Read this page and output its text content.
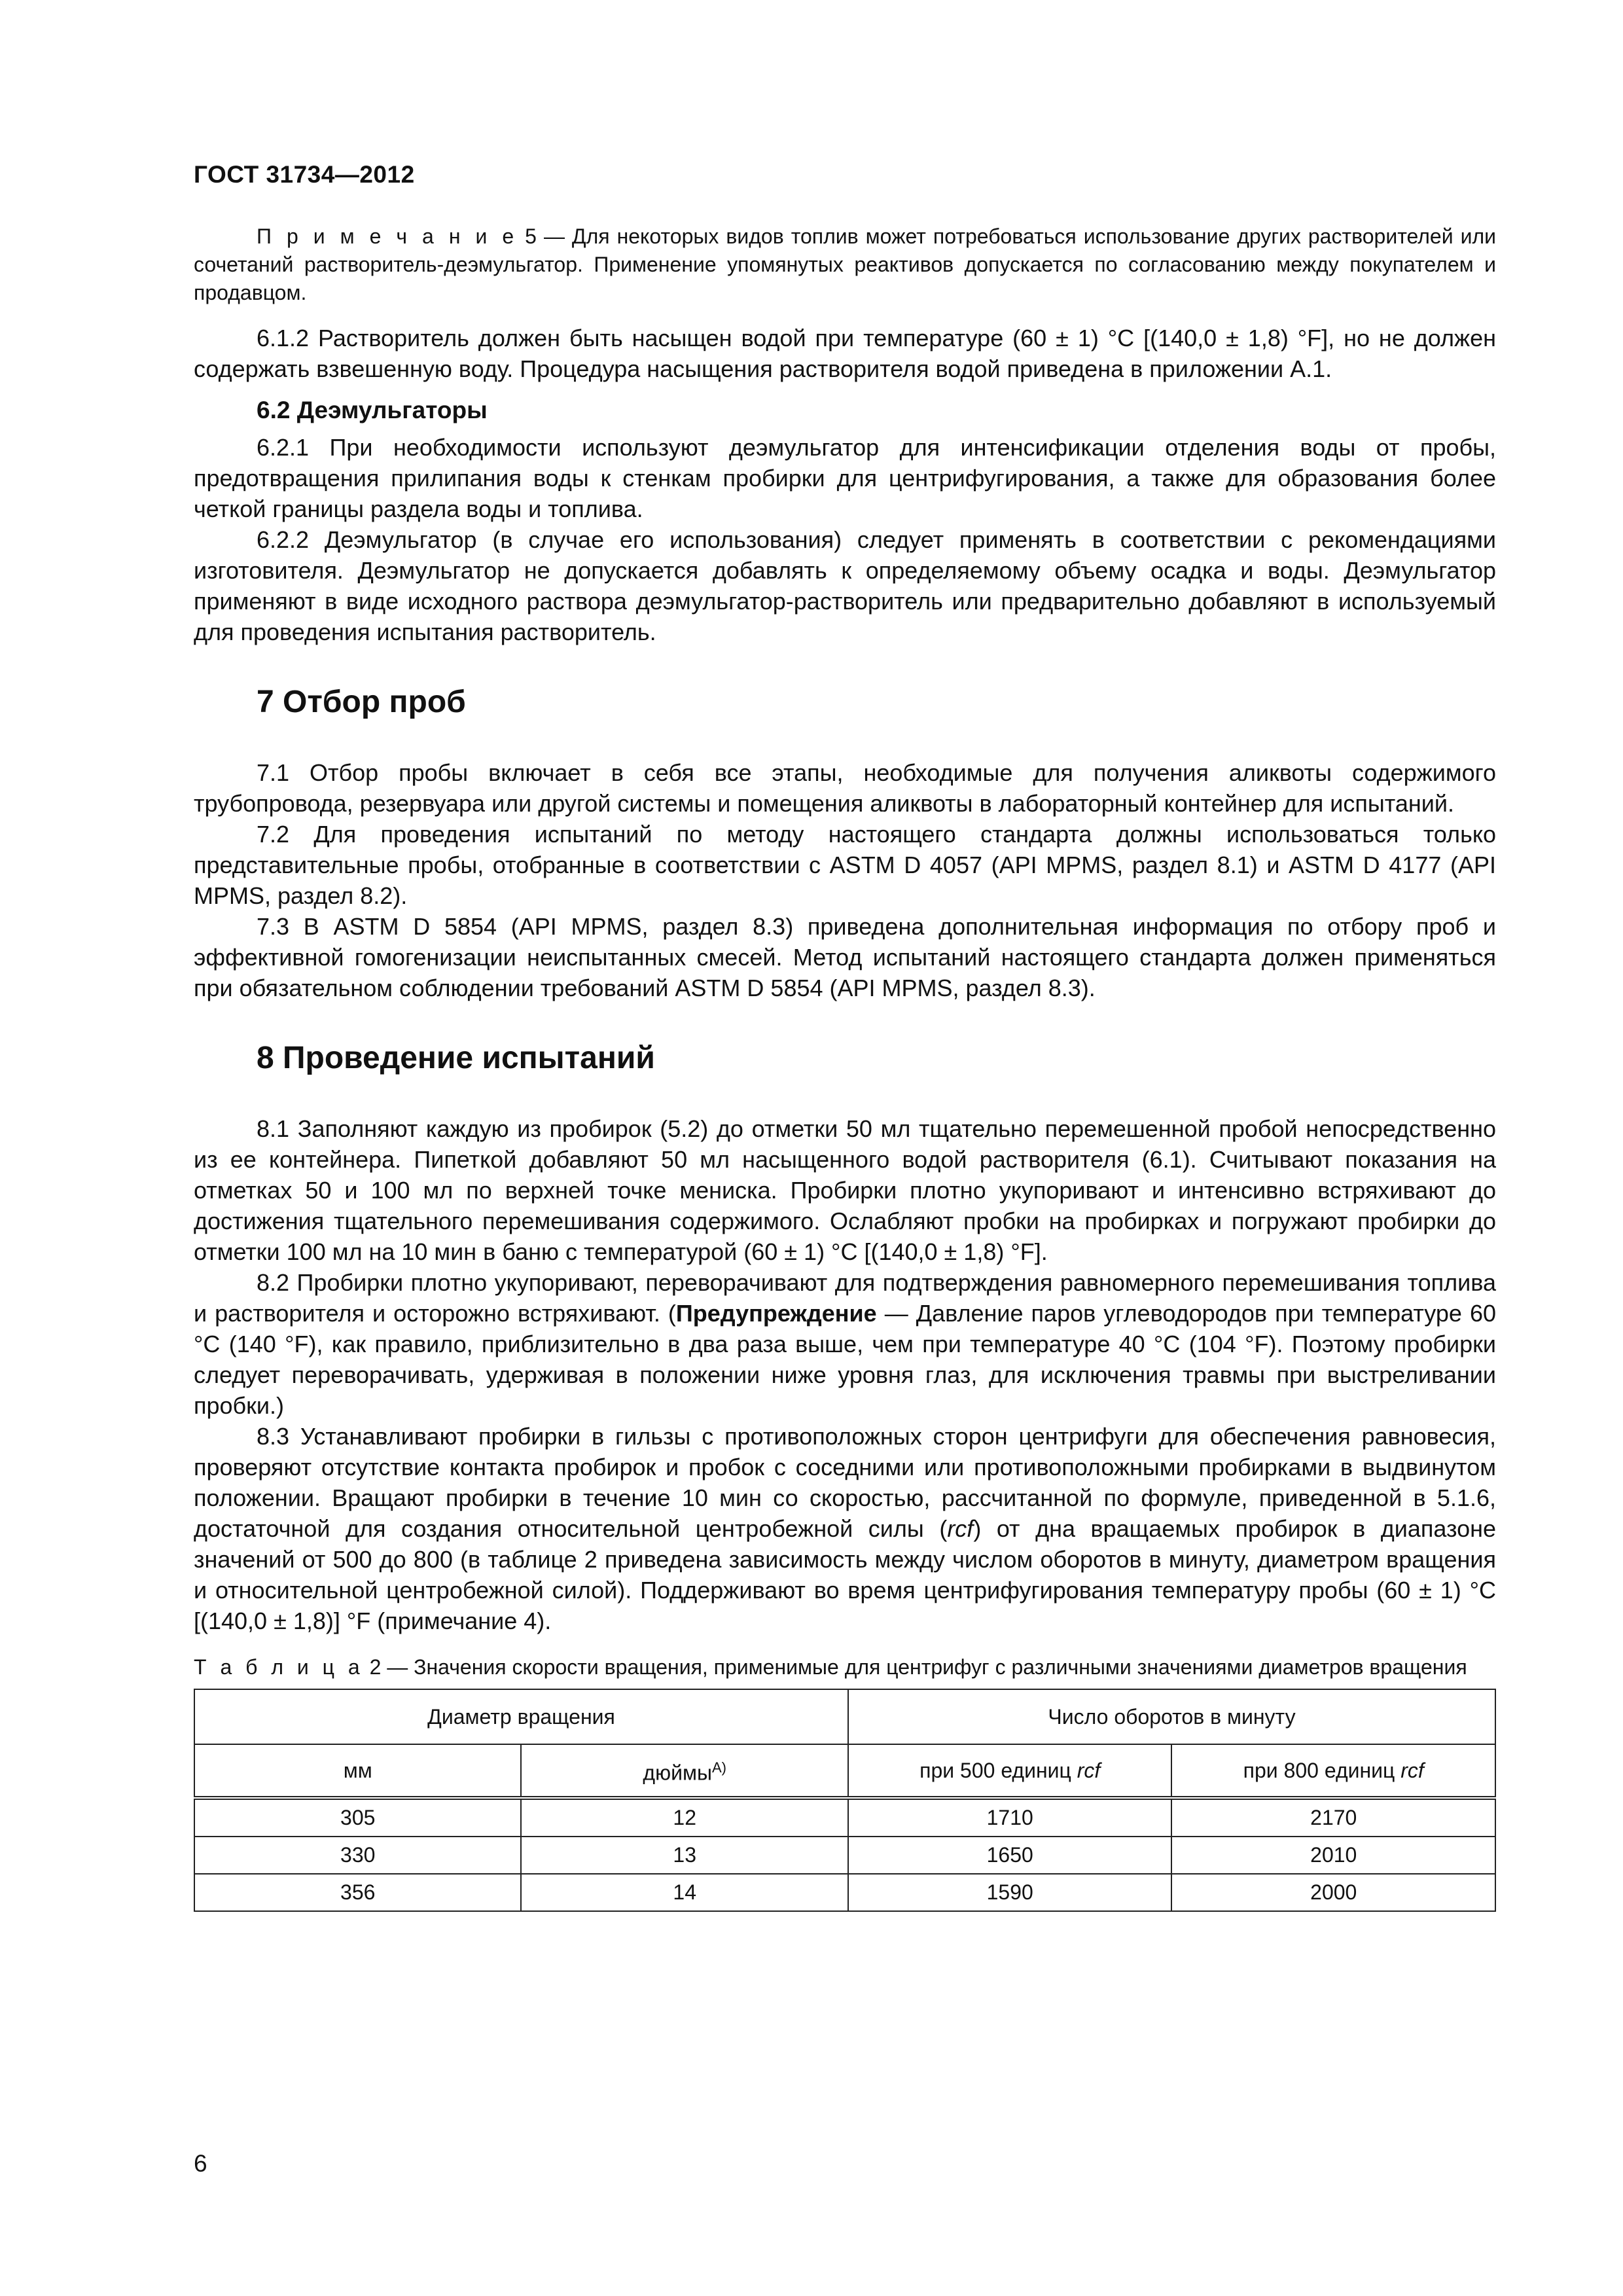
ГОСТ 31734—2012

П р и м е ч а н и е 5 — Для некоторых видов топлив может потребоваться использование других растворителей или сочетаний растворитель-деэмульгатор. Применение упомянутых реактивов допускается по согласованию между покупателем и продавцом.

6.1.2 Растворитель должен быть насыщен водой при температуре (60 ± 1) °С [(140,0 ± 1,8) °F], но не должен содержать взвешенную воду. Процедура насыщения растворителя водой приведена в приложении А.1.

6.2 Деэмульгаторы

6.2.1 При необходимости используют деэмульгатор для интенсификации отделения воды от пробы, предотвращения прилипания воды к стенкам пробирки для центрифугирования, а также для образования более четкой границы раздела воды и топлива.

6.2.2 Деэмульгатор (в случае его использования) следует применять в соответствии с рекомендациями изготовителя. Деэмульгатор не допускается добавлять к определяемому объему осадка и воды. Деэмульгатор применяют в виде исходного раствора деэмульгатор-растворитель или предварительно добавляют в используемый для проведения испытания растворитель.

7 Отбор проб

7.1 Отбор пробы включает в себя все этапы, необходимые для получения аликвоты содержимого трубопровода, резервуара или другой системы и помещения аликвоты в лабораторный контейнер для испытаний.

7.2 Для проведения испытаний по методу настоящего стандарта должны использоваться только представительные пробы, отобранные в соответствии с ASTM D 4057 (API MPMS, раздел 8.1) и ASTM D 4177 (API MPMS, раздел 8.2).

7.3 В ASTM D 5854 (API MPMS, раздел 8.3) приведена дополнительная информация по отбору проб и эффективной гомогенизации неиспытанных смесей. Метод испытаний настоящего стандарта должен применяться при обязательном соблюдении требований ASTM D 5854 (API MPMS, раздел 8.3).

8 Проведение испытаний

8.1 Заполняют каждую из пробирок (5.2) до отметки 50 мл тщательно перемешенной пробой непосредственно из ее контейнера. Пипеткой добавляют 50 мл насыщенного водой растворителя (6.1). Считывают показания на отметках 50 и 100 мл по верхней точке мениска. Пробирки плотно укупоривают и интенсивно встряхивают до достижения тщательного перемешивания содержимого. Ослабляют пробки на пробирках и погружают пробирки до отметки 100 мл на 10 мин в баню с температурой (60 ± 1) °С [(140,0 ± 1,8) °F].

8.2 Пробирки плотно укупоривают, переворачивают для подтверждения равномерного перемешивания топлива и растворителя и осторожно встряхивают. (Предупреждение — Давление паров углеводородов при температуре 60 °С (140 °F), как правило, приблизительно в два раза выше, чем при температуре 40 °С (104 °F). Поэтому пробирки следует переворачивать, удерживая в положении ниже уровня глаз, для исключения травмы при выстреливании пробки.)

8.3 Устанавливают пробирки в гильзы с противоположных сторон центрифуги для обеспечения равновесия, проверяют отсутствие контакта пробирок и пробок с соседними или противоположными пробирками в выдвинутом положении. Вращают пробирки в течение 10 мин со скоростью, рассчитанной по формуле, приведенной в 5.1.6, достаточной для создания относительной центробежной силы (rcf) от дна вращаемых пробирок в диапазоне значений от 500 до 800 (в таблице 2 приведена зависимость между числом оборотов в минуту, диаметром вращения и относительной центробежной силой). Поддерживают во время центрифугирования температуру пробы (60 ± 1) °С [(140,0 ± 1,8)] °F (примечание 4).

Т а б л и ц а 2 — Значения скорости вращения, применимые для центрифуг с различными значениями диаметров вращения

Диаметр вращения		Число оборотов в минуту	
мм	дюймы$^{А)}$	при 500 единиц rcf	при 800 единиц rcf
305	12	1710	2170
330	13	1650	2010
356	14	1590	2000
6
